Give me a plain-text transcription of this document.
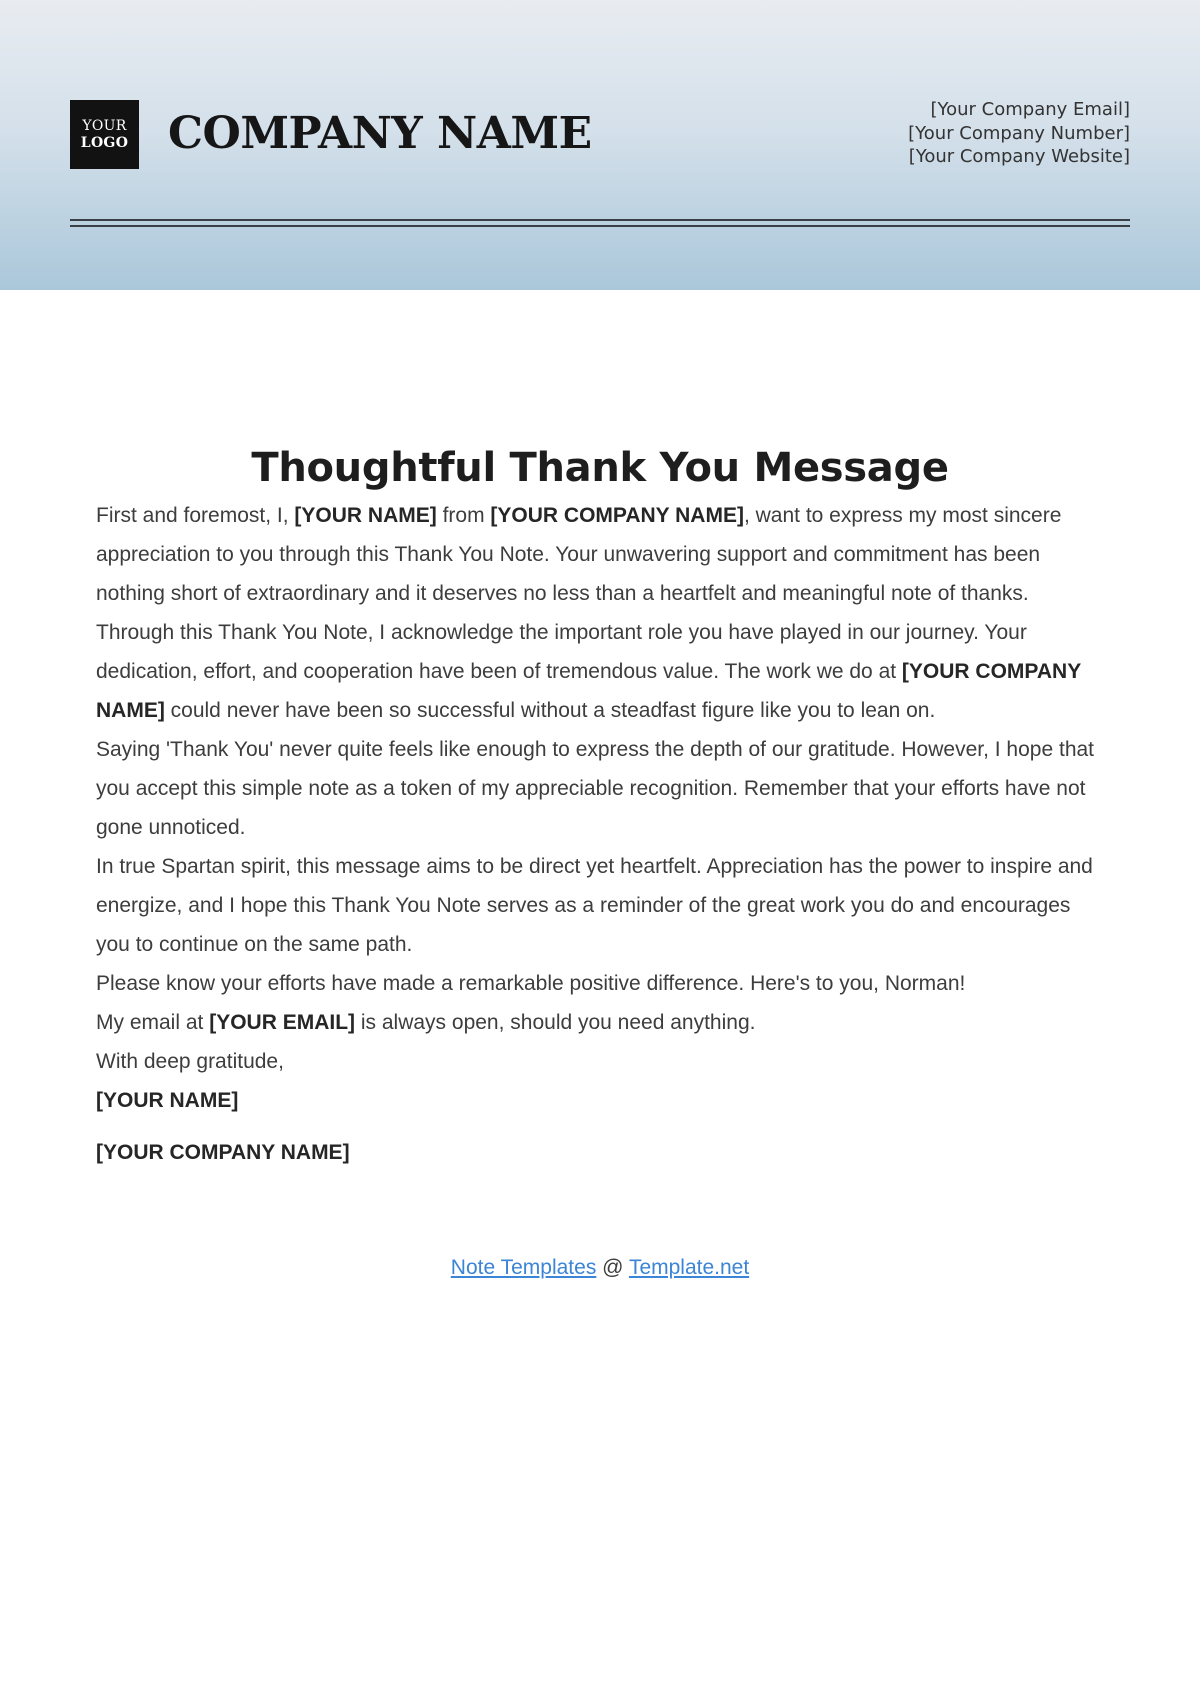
YOUR
LOGO COMPANY NAME	[Your Company Email]
[Your Company Number]
[Your Company Website]
Thoughtful Thank You Message

First and foremost, I, [YOUR NAME] from [YOUR COMPANY NAME], want to express my most sincere appreciation to you through this Thank You Note. Your unwavering support and commitment has been nothing short of extraordinary and it deserves no less than a heartfelt and meaningful note of thanks.

Through this Thank You Note, I acknowledge the important role you have played in our journey. Your dedication, effort, and cooperation have been of tremendous value. The work we do at [YOUR COMPANY NAME] could never have been so successful without a steadfast figure like you to lean on.

Saying 'Thank You' never quite feels like enough to express the depth of our gratitude. However, I hope that you accept this simple note as a token of my appreciable recognition. Remember that your efforts have not gone unnoticed.

In true Spartan spirit, this message aims to be direct yet heartfelt. Appreciation has the power to inspire and energize, and I hope this Thank You Note serves as a reminder of the great work you do and encourages you to continue on the same path.

Please know your efforts have made a remarkable positive difference. Here's to you, Norman!

My email at [YOUR EMAIL] is always open, should you need anything.

With deep gratitude,

[YOUR NAME]

[YOUR COMPANY NAME]

Note Templates @ Template.net
